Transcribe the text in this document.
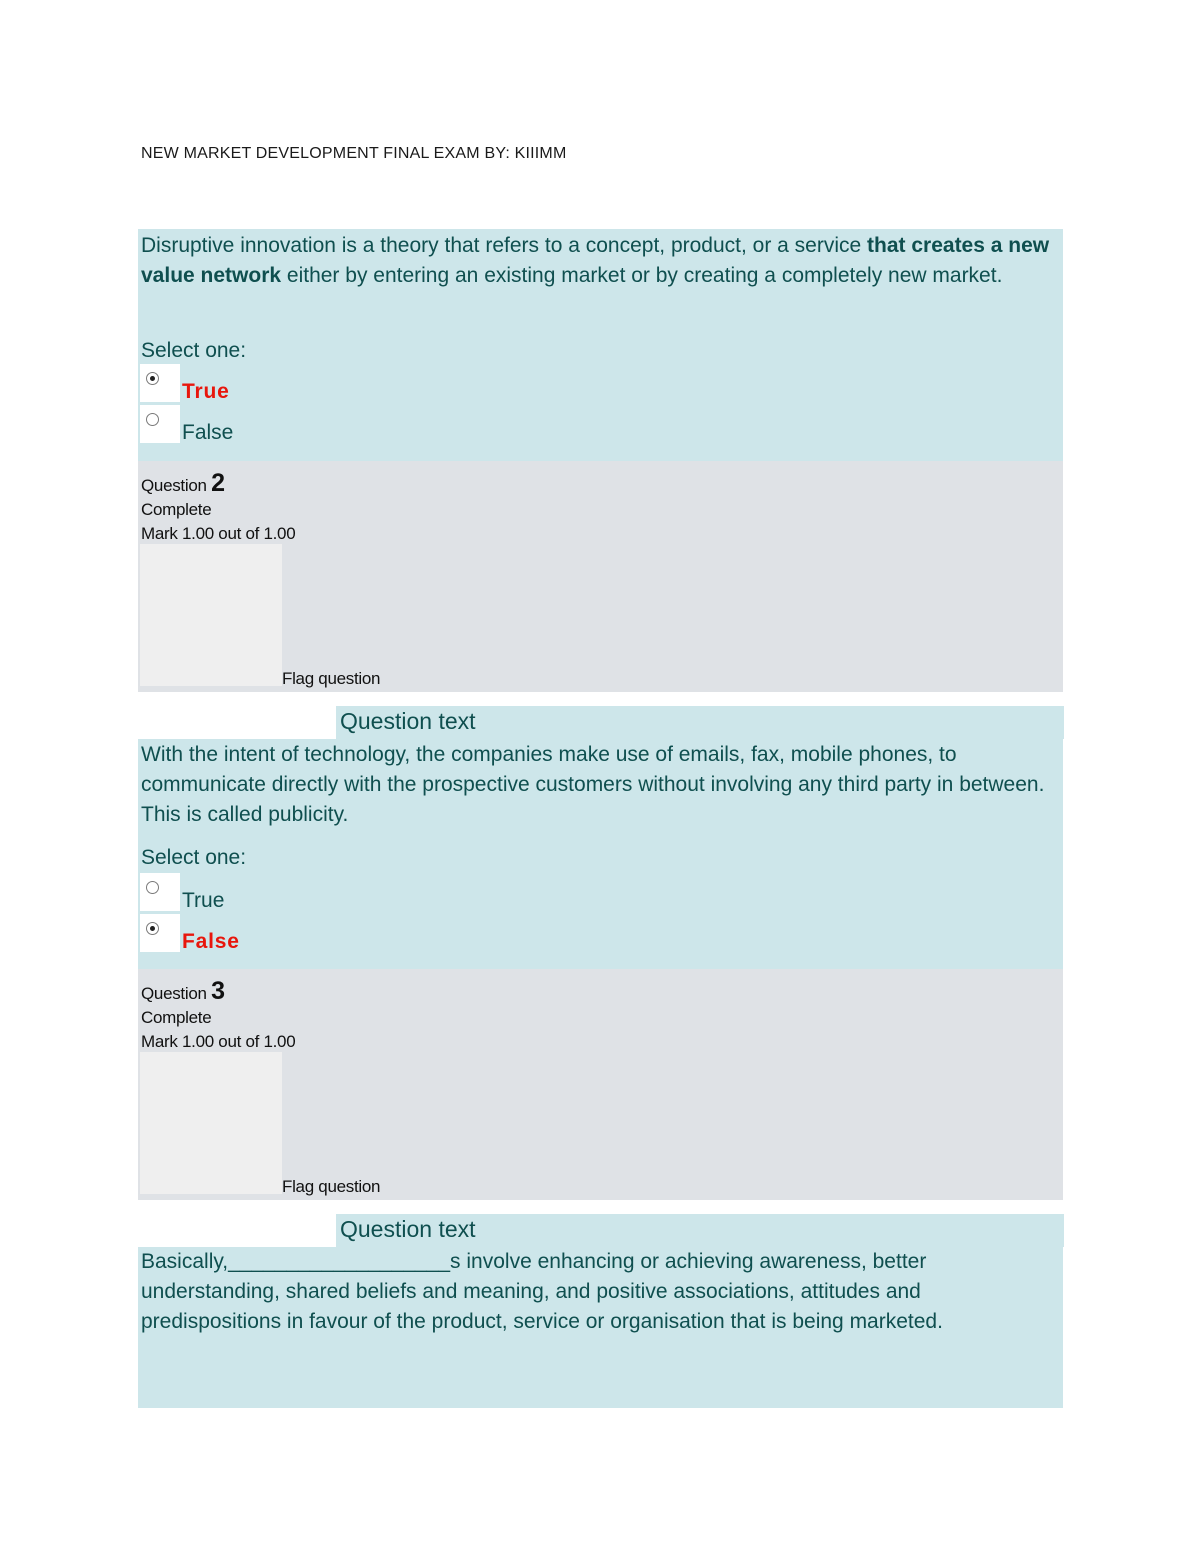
NEW MARKET DEVELOPMENT FINAL EXAM BY: KIIIMM

Disruptive innovation is a theory that refers to a concept, product, or a service that creates a new value network either by entering an existing market or by creating a completely new market.

Select one:
True
False
Question 2
Complete
Mark 1.00 out of 1.00
Flag question
Question text

With the intent of technology, the companies make use of emails, fax, mobile phones, to communicate directly with the prospective customers without involving any third party in between. This is called publicity.

Select one:
True
False
Question 3
Complete
Mark 1.00 out of 1.00
Flag question
Question text

Basically,___________________s involve enhancing or achieving awareness, better understanding, shared beliefs and meaning, and positive associations, attitudes and predispositions in favour of the product, service or organisation that is being marketed.
